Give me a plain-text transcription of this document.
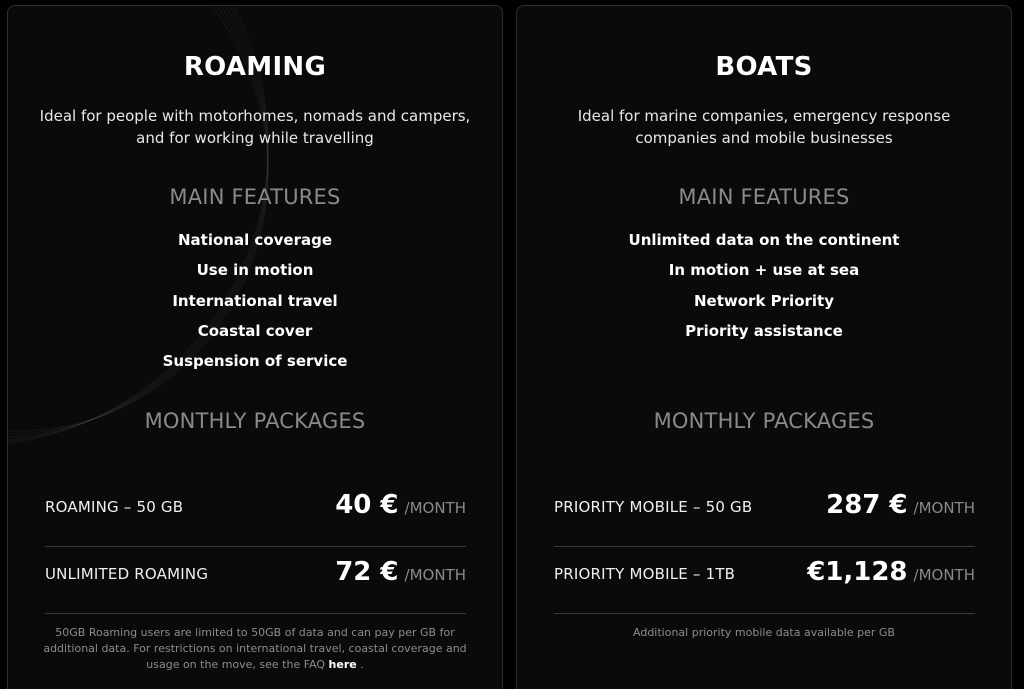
ROAMING
Ideal for people with motorhomes, nomads and campers, and for working while travelling
MAIN FEATURES
National coverage
Use in motion
International travel
Coastal cover
Suspension of service
MONTHLY PACKAGES
ROAMING – 50 GB	40 € /MONTH
UNLIMITED ROAMING	72 € /MONTH
50GB Roaming users are limited to 50GB of data and can pay per GB for additional data. For restrictions on international travel, coastal coverage and usage on the move, see the FAQ here .
BOATS
Ideal for marine companies, emergency response companies and mobile businesses
MAIN FEATURES
Unlimited data on the continent
In motion + use at sea
Network Priority
Priority assistance
MONTHLY PACKAGES
PRIORITY MOBILE – 50 GB	287 € /MONTH
PRIORITY MOBILE – 1TB	€1,128 /MONTH
Additional priority mobile data available per GB
